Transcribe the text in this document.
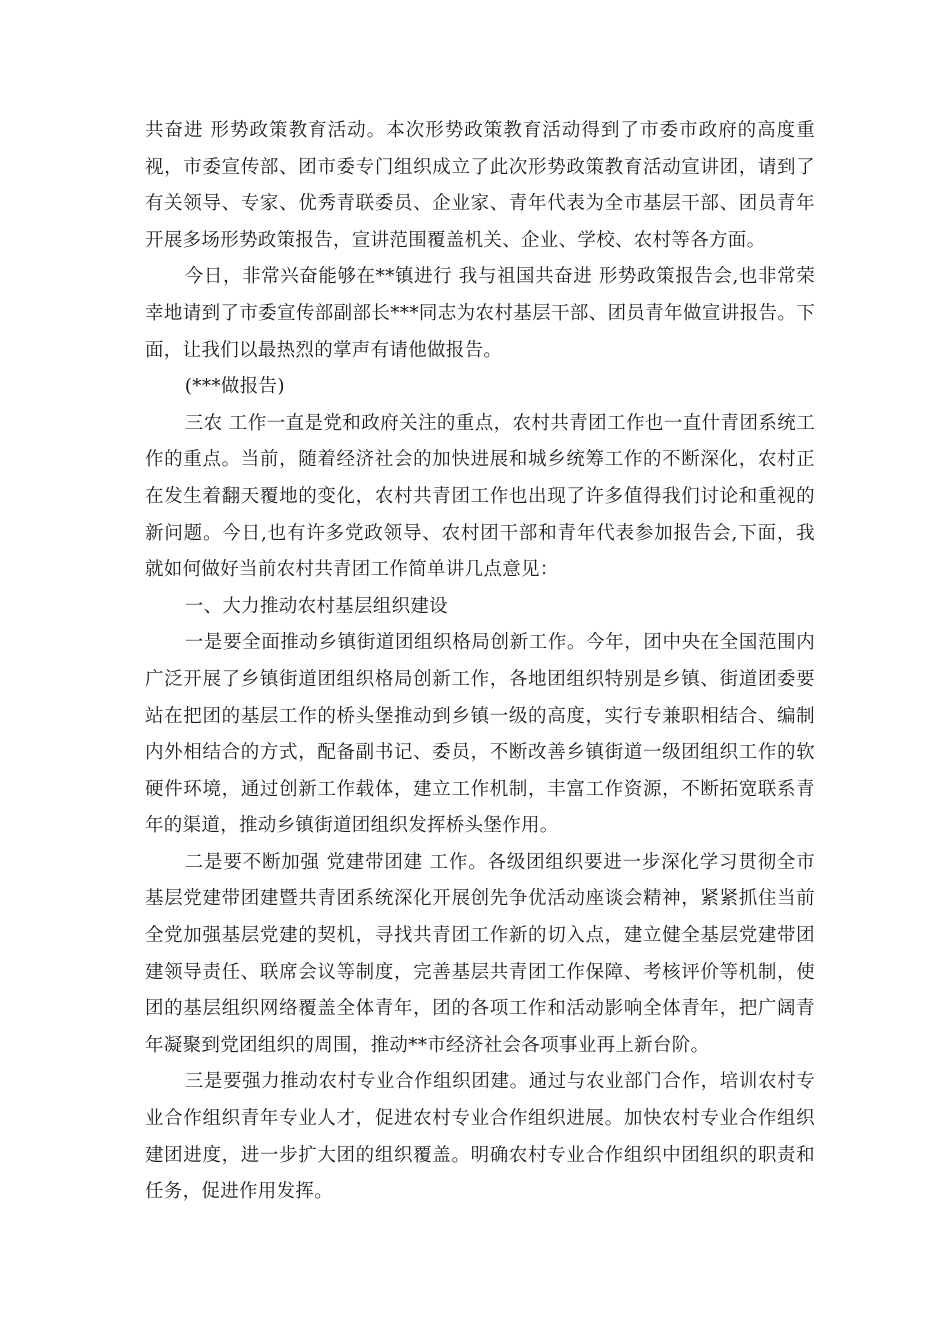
共奋进 形势政策教育活动。本次形势政策教育活动得到了市委市政府的高度重视，市委宣传部、团市委专门组织成立了此次形势政策教育活动宣讲团，请到了有关领导、专家、优秀青联委员、企业家、青年代表为全市基层干部、团员青年开展多场形势政策报告，宣讲范围覆盖机关、企业、学校、农村等各方面。

今日，非常兴奋能够在**镇进行 我与祖国共奋进 形势政策报告会,也非常荣幸地请到了市委宣传部副部长***同志为农村基层干部、团员青年做宣讲报告。下面，让我们以最热烈的掌声有请他做报告。

(***做报告)

三农 工作一直是党和政府关注的重点，农村共青团工作也一直什青团系统工作的重点。当前，随着经济社会的加快进展和城乡统筹工作的不断深化，农村正在发生着翻天覆地的变化，农村共青团工作也出现了许多值得我们讨论和重视的新问题。今日,也有许多党政领导、农村团干部和青年代表参加报告会,下面，我就如何做好当前农村共青团工作简单讲几点意见：

一、大力推动农村基层组织建设

一是要全面推动乡镇街道团组织格局创新工作。今年，团中央在全国范围内广泛开展了乡镇街道团组织格局创新工作，各地团组织特别是乡镇、街道团委要站在把团的基层工作的桥头堡推动到乡镇一级的高度，实行专兼职相结合、编制内外相结合的方式，配备副书记、委员，不断改善乡镇街道一级团组织工作的软硬件环境，通过创新工作载体，建立工作机制，丰富工作资源，不断拓宽联系青年的渠道，推动乡镇街道团组织发挥桥头堡作用。

二是要不断加强 党建带团建 工作。各级团组织要进一步深化学习贯彻全市基层党建带团建暨共青团系统深化开展创先争优活动座谈会精神，紧紧抓住当前全党加强基层党建的契机，寻找共青团工作新的切入点，建立健全基层党建带团建领导责任、联席会议等制度，完善基层共青团工作保障、考核评价等机制，使团的基层组织网络覆盖全体青年，团的各项工作和活动影响全体青年，把广阔青年凝聚到党团组织的周围，推动**市经济社会各项事业再上新台阶。

三是要强力推动农村专业合作组织团建。通过与农业部门合作，培训农村专业合作组织青年专业人才，促进农村专业合作组织进展。加快农村专业合作组织建团进度，进一步扩大团的组织覆盖。明确农村专业合作组织中团组织的职责和任务，促进作用发挥。
